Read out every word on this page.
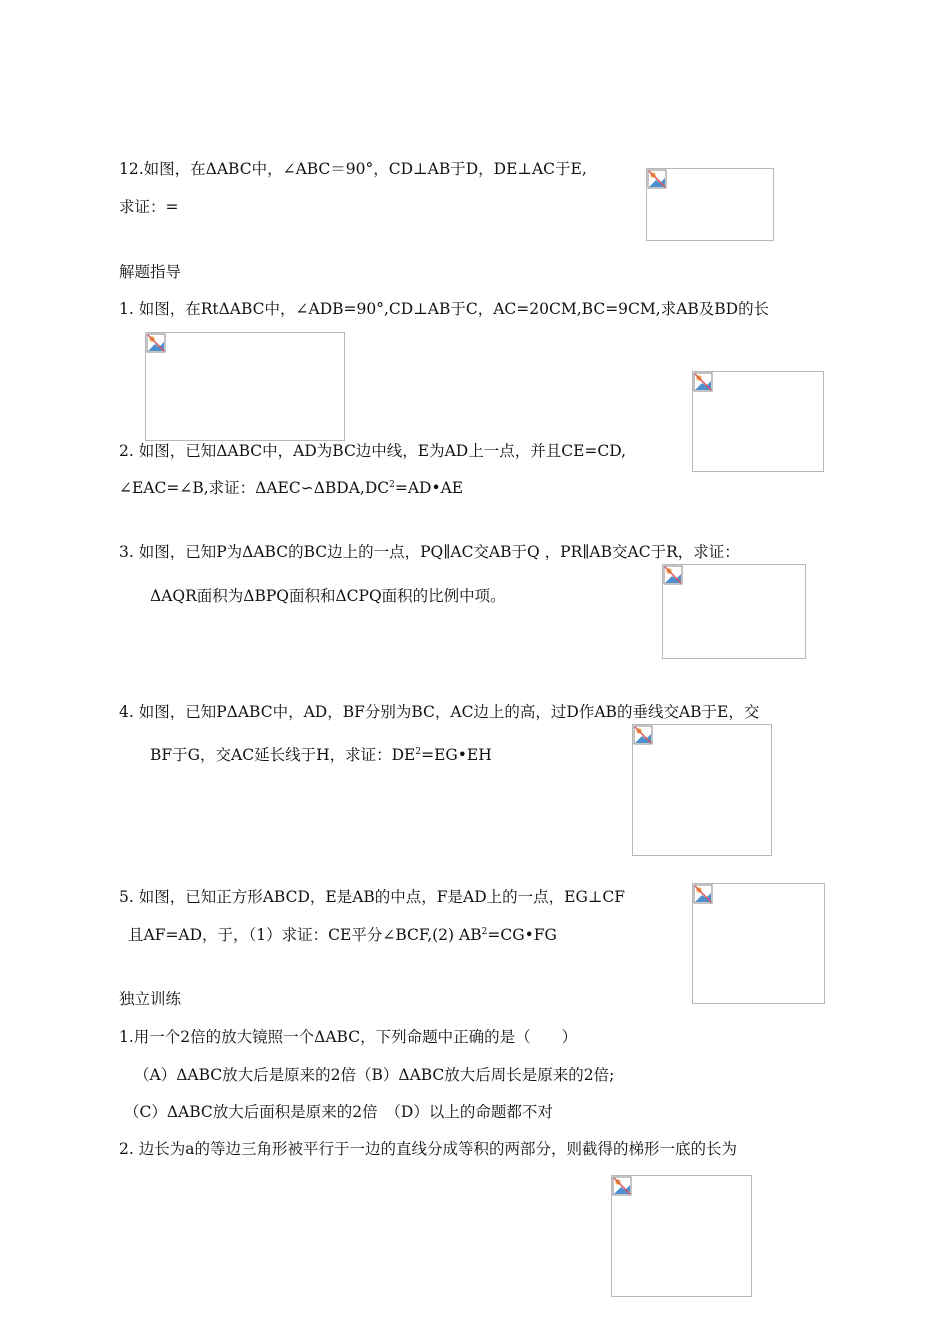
12.如图，在ΔABC中，∠ABC＝90°，CD⊥AB于D，DE⊥AC于E,
求证：=
解题指导
1. 如图，在RtΔABC中，∠ADB=90°,CD⊥AB于C，AC=20CM,BC=9CM,求AB及BD的长
2. 如图，已知ΔABC中，AD为BC边中线，E为AD上一点，并且CE=CD,
∠EAC=∠B,求证：$\Delta AEC∽\Delta BDA,DC^2=AD•AE$
3. 如图，已知P为ΔABC的BC边上的一点，PQ∥AC交AB于Q ，PR∥AB交AC于R，求证：
ΔAQR面积为ΔBPQ面积和ΔCPQ面积的比例中项。
4. 如图，已知PΔABC中，AD，BF分别为BC，AC边上的高，过D作AB的垂线交AB于E，交
BF于G，交AC延长线于H，求证：$DE^2=EG•EH$
5. 如图，已知正方形ABCD，E是AB的中点，F是AD上的一点，EG⊥CF
且AF=AD，于，（1）求证：CE平分∠BCF,(2) $AB^2=CG•FG$
独立训练
1.用一个2倍的放大镜照一个ΔABC，下列命题中正确的是（　　）
（A）ΔABC放大后是原来的2倍（B）ΔABC放大后周长是原来的2倍;
（C）ΔABC放大后面积是原来的2倍　（D）以上的命题都不对
2. 边长为a的等边三角形被平行于一边的直线分成等积的两部分，则截得的梯形一底的长为
